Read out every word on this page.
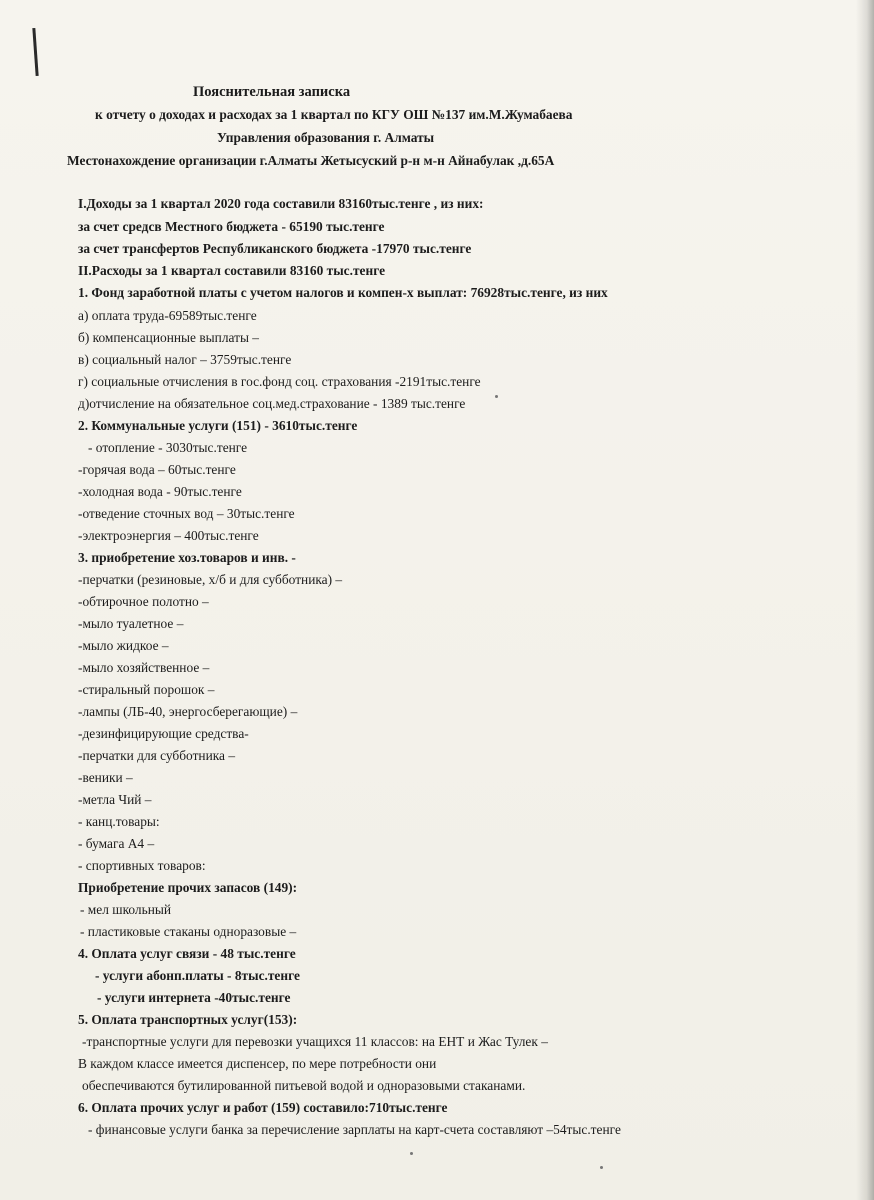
Пояснительная записка
к отчету о доходах и расходах за 1 квартал по КГУ ОШ №137 им.М.Жумабаева
Управления образования г. Алматы
Местонахождение организации г.Алматы Жетысуский р-н м-н Айнабулак ,д.65А
I.Доходы за 1 квартал 2020 года составили 83160тыс.тенге , из них:
за счет средсв Местного бюджета - 65190 тыс.тенге
за счет трансфертов Республиканского бюджета -17970 тыс.тенге
II.Расходы за 1 квартал составили 83160 тыс.тенге
1. Фонд заработной платы с учетом налогов и компен-х выплат: 76928тыс.тенге, из них
а) оплата труда-69589тыс.тенге
б) компенсационные выплаты –
в) социальный налог – 3759тыс.тенге
г) социальные отчисления в гос.фонд соц. страхования -2191тыс.тенге
д)отчисление на обязательное соц.мед.страхование - 1389 тыс.тенге
2. Коммунальные услуги (151) - 3610тыс.тенге
- отопление - 3030тыс.тенге
-горячая вода – 60тыс.тенге
-холодная вода - 90тыс.тенге
-отведение сточных вод – 30тыс.тенге
-электроэнергия – 400тыс.тенге
3. приобретение хоз.товаров и инв. -
-перчатки (резиновые, х/б и для субботника) –
-обтирочное полотно –
-мыло туалетное –
-мыло жидкое –
-мыло хозяйственное –
-стиральный порошок –
-лампы (ЛБ-40, энергосберегающие) –
-дезинфицирующие средства-
-перчатки для субботника –
-веники –
-метла Чий –
- канц.товары:
- бумага А4 –
- спортивных товаров:
Приобретение прочих запасов (149):
- мел школьный
- пластиковые стаканы одноразовые –
4. Оплата услуг связи - 48 тыс.тенге
- услуги абонп.платы - 8тыс.тенге
- услуги интернета -40тыс.тенге
5. Оплата транспортных услуг(153):
-транспортные услуги для перевозки учащихся 11 классов: на ЕНТ и Жас Тулек –
В каждом классе имеется диспенсер, по мере потребности они
обеспечиваются бутилированной питьевой водой и одноразовыми стаканами.
6. Оплата прочих услуг и работ (159) составило:710тыс.тенге
- финансовые услуги банка за перечисление зарплаты на карт-счета составляют –54тыс.тенге
